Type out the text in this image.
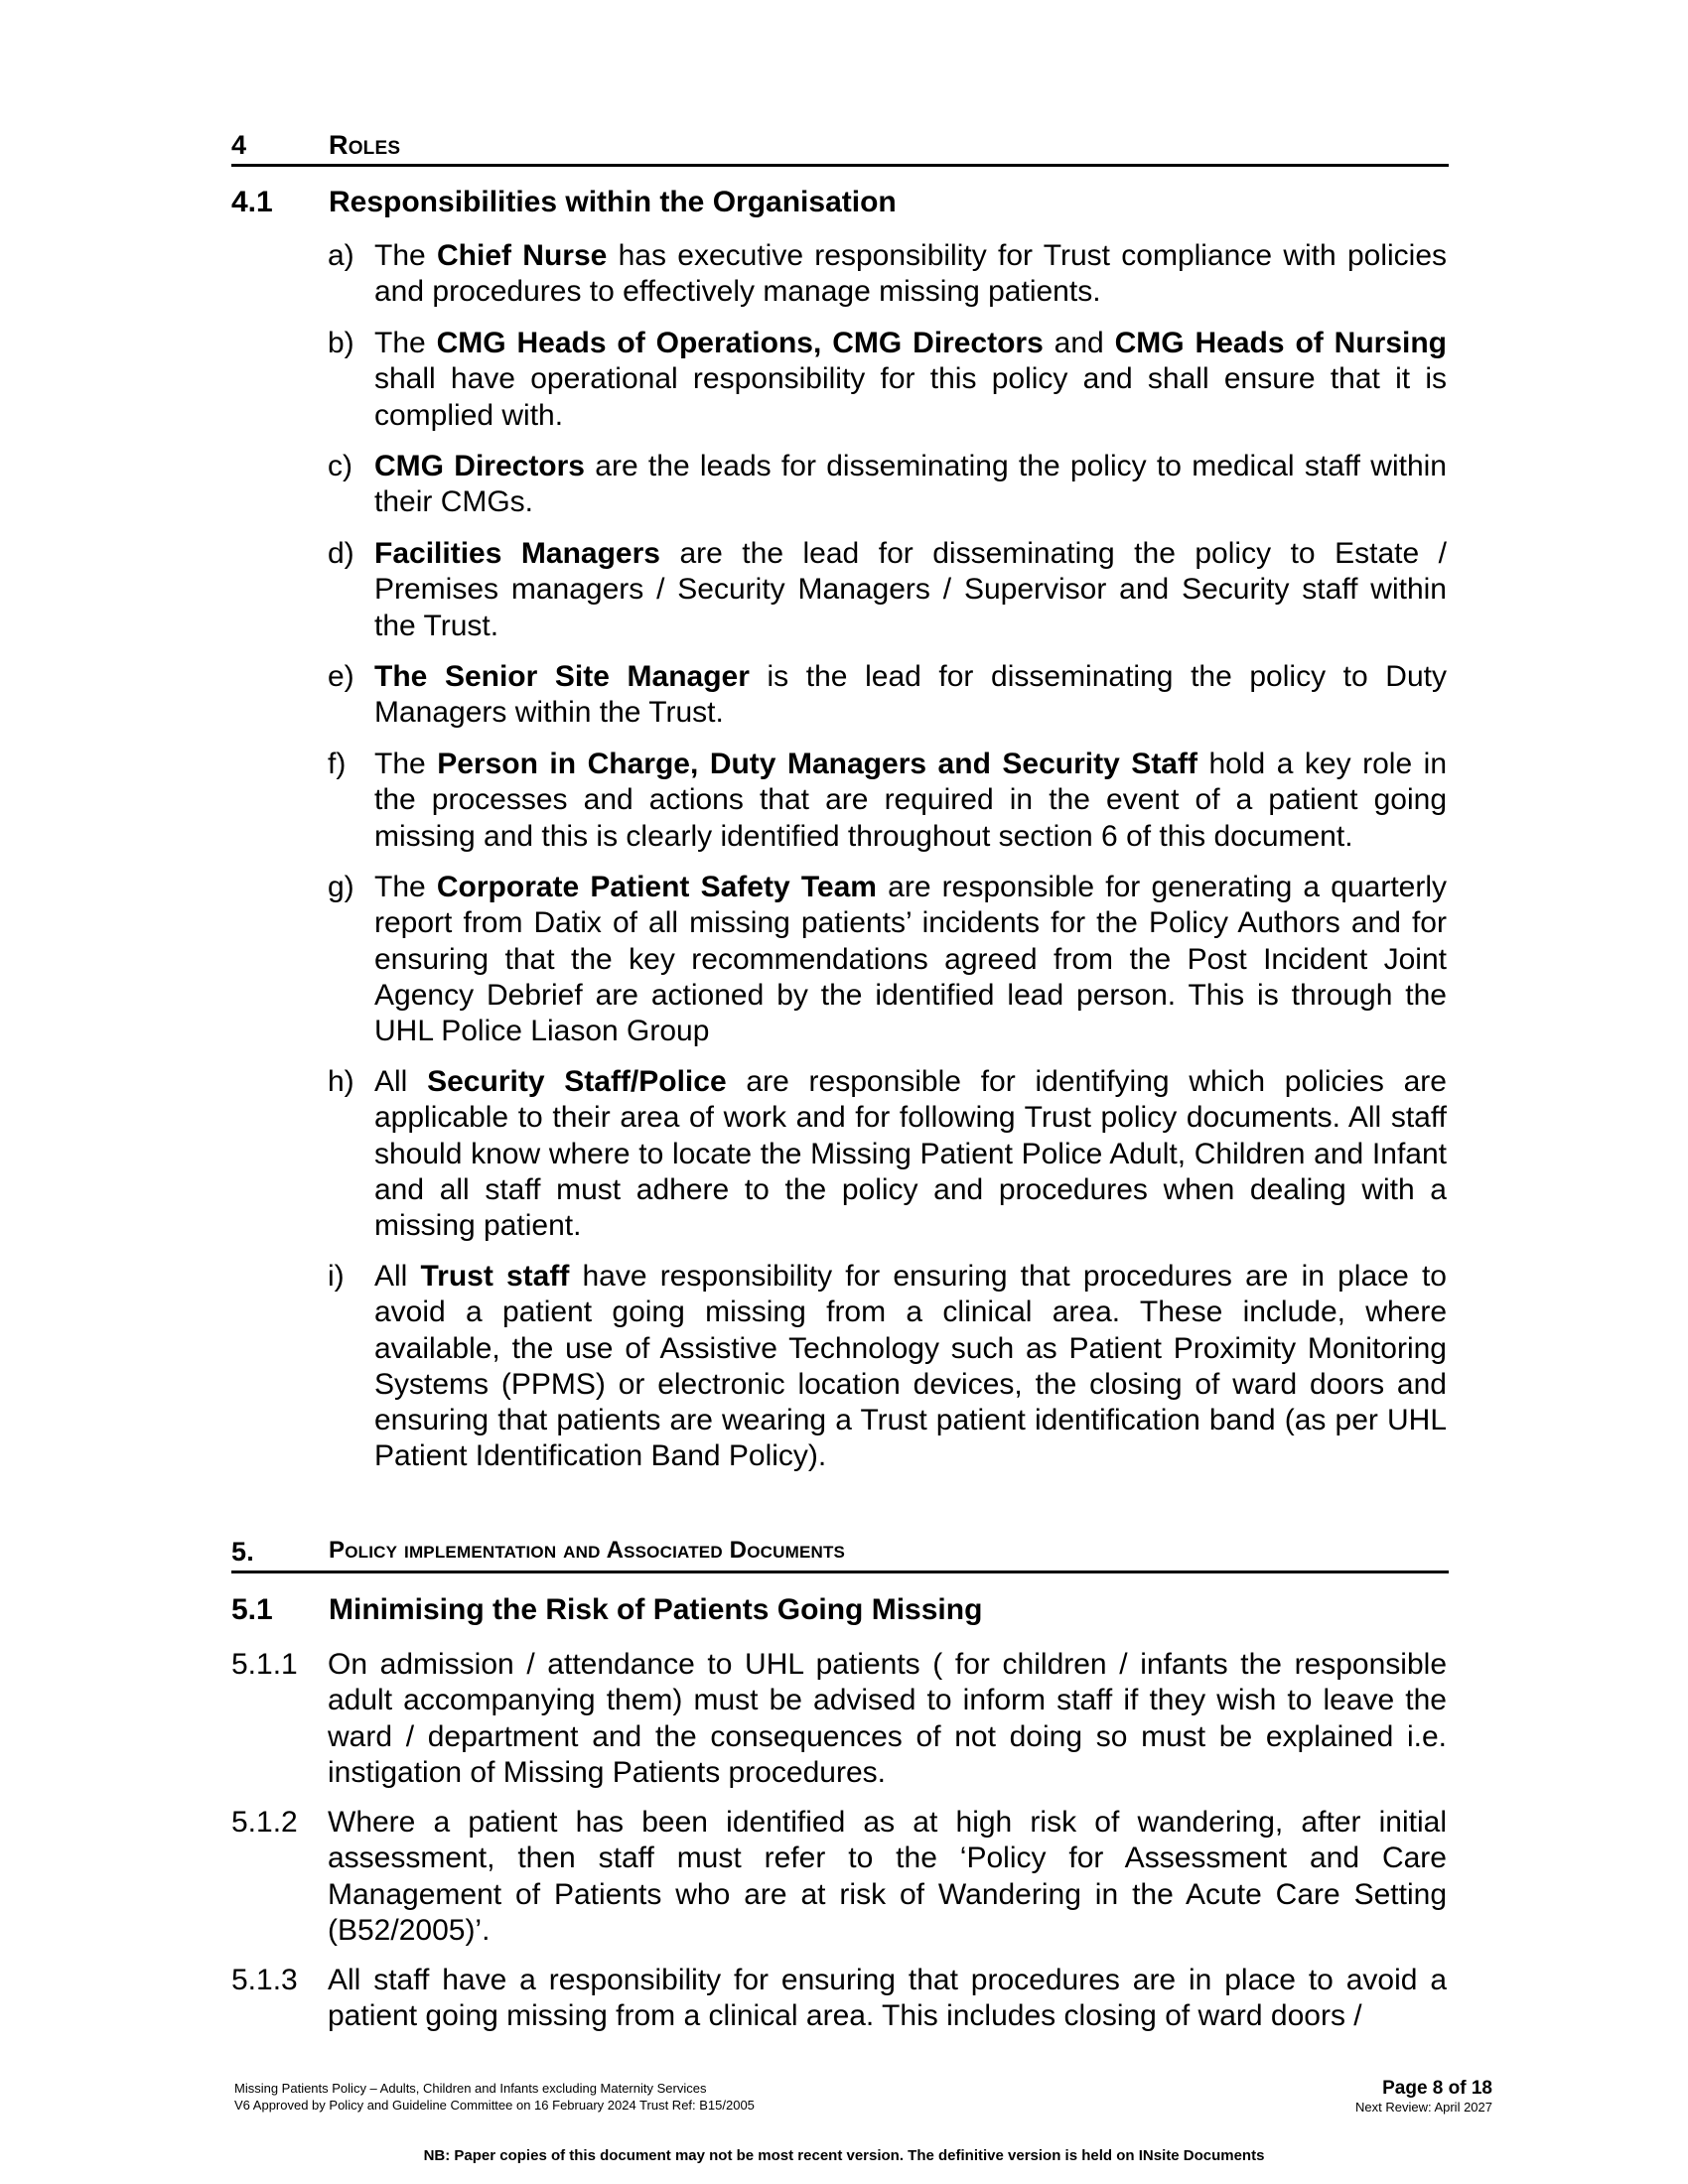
4	Roles
4.1 Responsibilities within the Organisation
a) The Chief Nurse has executive responsibility for Trust compliance with policies and procedures to effectively manage missing patients.

b) The CMG Heads of Operations, CMG Directors and CMG Heads of Nursing shall have operational responsibility for this policy and shall ensure that it is complied with.

c) CMG Directors are the leads for disseminating the policy to medical staff within their CMGs.

d) Facilities Managers are the lead for disseminating the policy to Estate / Premises managers / Security Managers / Supervisor and Security staff within the Trust.

e) The Senior Site Manager is the lead for disseminating the policy to Duty Managers within the Trust.

f) The Person in Charge, Duty Managers and Security Staff hold a key role in the processes and actions that are required in the event of a patient going missing and this is clearly identified throughout section 6 of this document.

g) The Corporate Patient Safety Team are responsible for generating a quarterly report from Datix of all missing patients’ incidents for the Policy Authors and for ensuring that the key recommendations agreed from the Post Incident Joint Agency Debrief are actioned by the identified lead person. This is through the UHL Police Liason Group

h) All Security Staff/Police are responsible for identifying which policies are applicable to their area of work and for following Trust policy documents. All staff should know where to locate the Missing Patient Police Adult, Children and Infant and all staff must adhere to the policy and procedures when dealing with a missing patient.

i) All Trust staff have responsibility for ensuring that procedures are in place to avoid a patient going missing from a clinical area. These include, where available, the use of Assistive Technology such as Patient Proximity Monitoring Systems (PPMS) or electronic location devices, the closing of ward doors and ensuring that patients are wearing a Trust patient identification band (as per UHL Patient Identification Band Policy).

5.	Policy implementation and Associated Documents
5.1 Minimising the Risk of Patients Going Missing
5.1.1 On admission / attendance to UHL patients ( for children / infants the responsible adult accompanying them) must be advised to inform staff if they wish to leave the ward / department and the consequences of not doing so must be explained i.e. instigation of Missing Patients procedures.

5.1.2 Where a patient has been identified as at high risk of wandering, after initial assessment, then staff must refer to the ‘Policy for Assessment and Care Management of Patients who are at risk of Wandering in the Acute Care Setting (B52/2005)’.

5.1.3 All staff have a responsibility for ensuring that procedures are in place to avoid a patient going missing from a clinical area. This includes closing of ward doors /

Missing Patients Policy – Adults, Children and Infants excluding Maternity Services
V6 Approved by Policy and Guideline Committee on 16 February 2024 Trust Ref: B15/2005
Page 8 of 18
Next Review: April 2027
NB: Paper copies of this document may not be most recent version. The definitive version is held on INsite Documents
